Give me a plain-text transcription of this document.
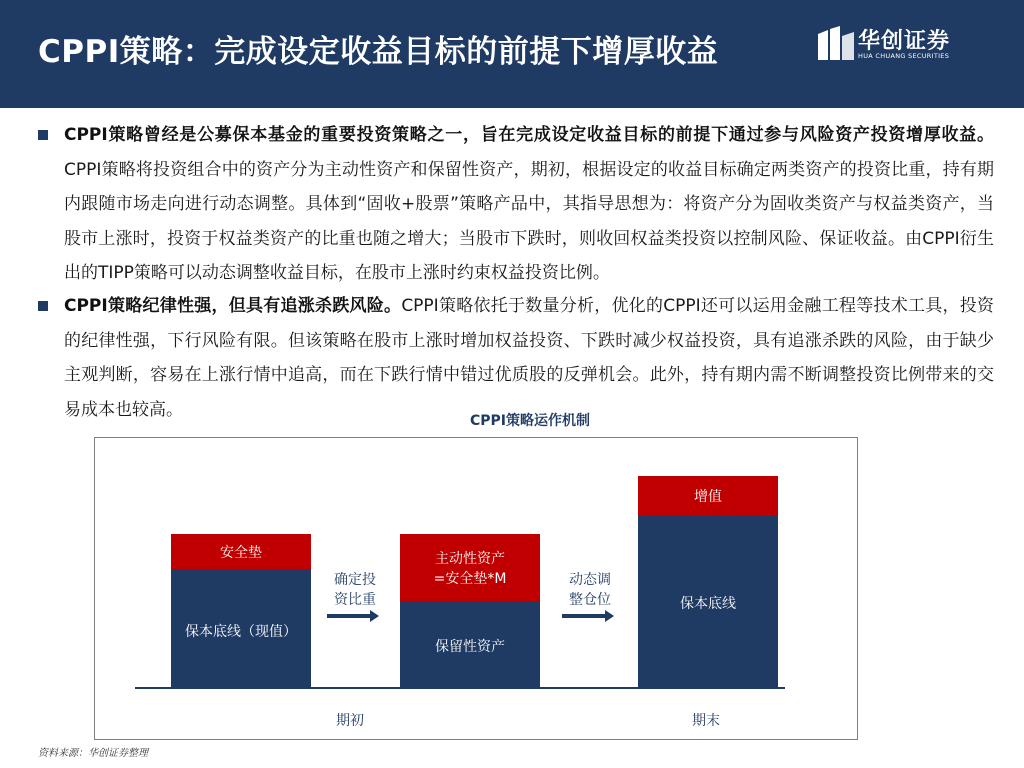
CPPI策略：完成设定收益目标的前提下增厚收益	华创证券
HUA CHUANG SECURITIES
CPPI策略曾经是公募保本基金的重要投资策略之一，旨在完成设定收益目标的前提下通过参与风险资产投资增厚收益。CPPI策略将投资组合中的资产分为主动性资产和保留性资产，期初，根据设定的收益目标确定两类资产的投资比重，持有期内跟随市场走向进行动态调整。具体到“固收+股票”策略产品中，其指导思想为：将资产分为固收类资产与权益类资产，当股市上涨时，投资于权益类资产的比重也随之增大；当股市下跌时，则收回权益类投资以控制风险、保证收益。由CPPI衍生出的TIPP策略可以动态调整收益目标，在股市上涨时约束权益投资比例。
CPPI策略纪律性强，但具有追涨杀跌风险。CPPI策略依托于数量分析，优化的CPPI还可以运用金融工程等技术工具，投资的纪律性强，下行风险有限。但该策略在股市上涨时增加权益投资、下跌时减少权益投资，具有追涨杀跌的风险，由于缺少主观判断，容易在上涨行情中追高，而在下跌行情中错过优质股的反弹机会。此外，持有期内需不断调整投资比例带来的交易成本也较高。
CPPI策略运作机制
安全垫
保本底线（现值）
确定投
资比重
主动性资产
=安全垫*M
保留性资产
动态调
整仓位
增值
保本底线
期初	期末
资料来源：华创证券整理
